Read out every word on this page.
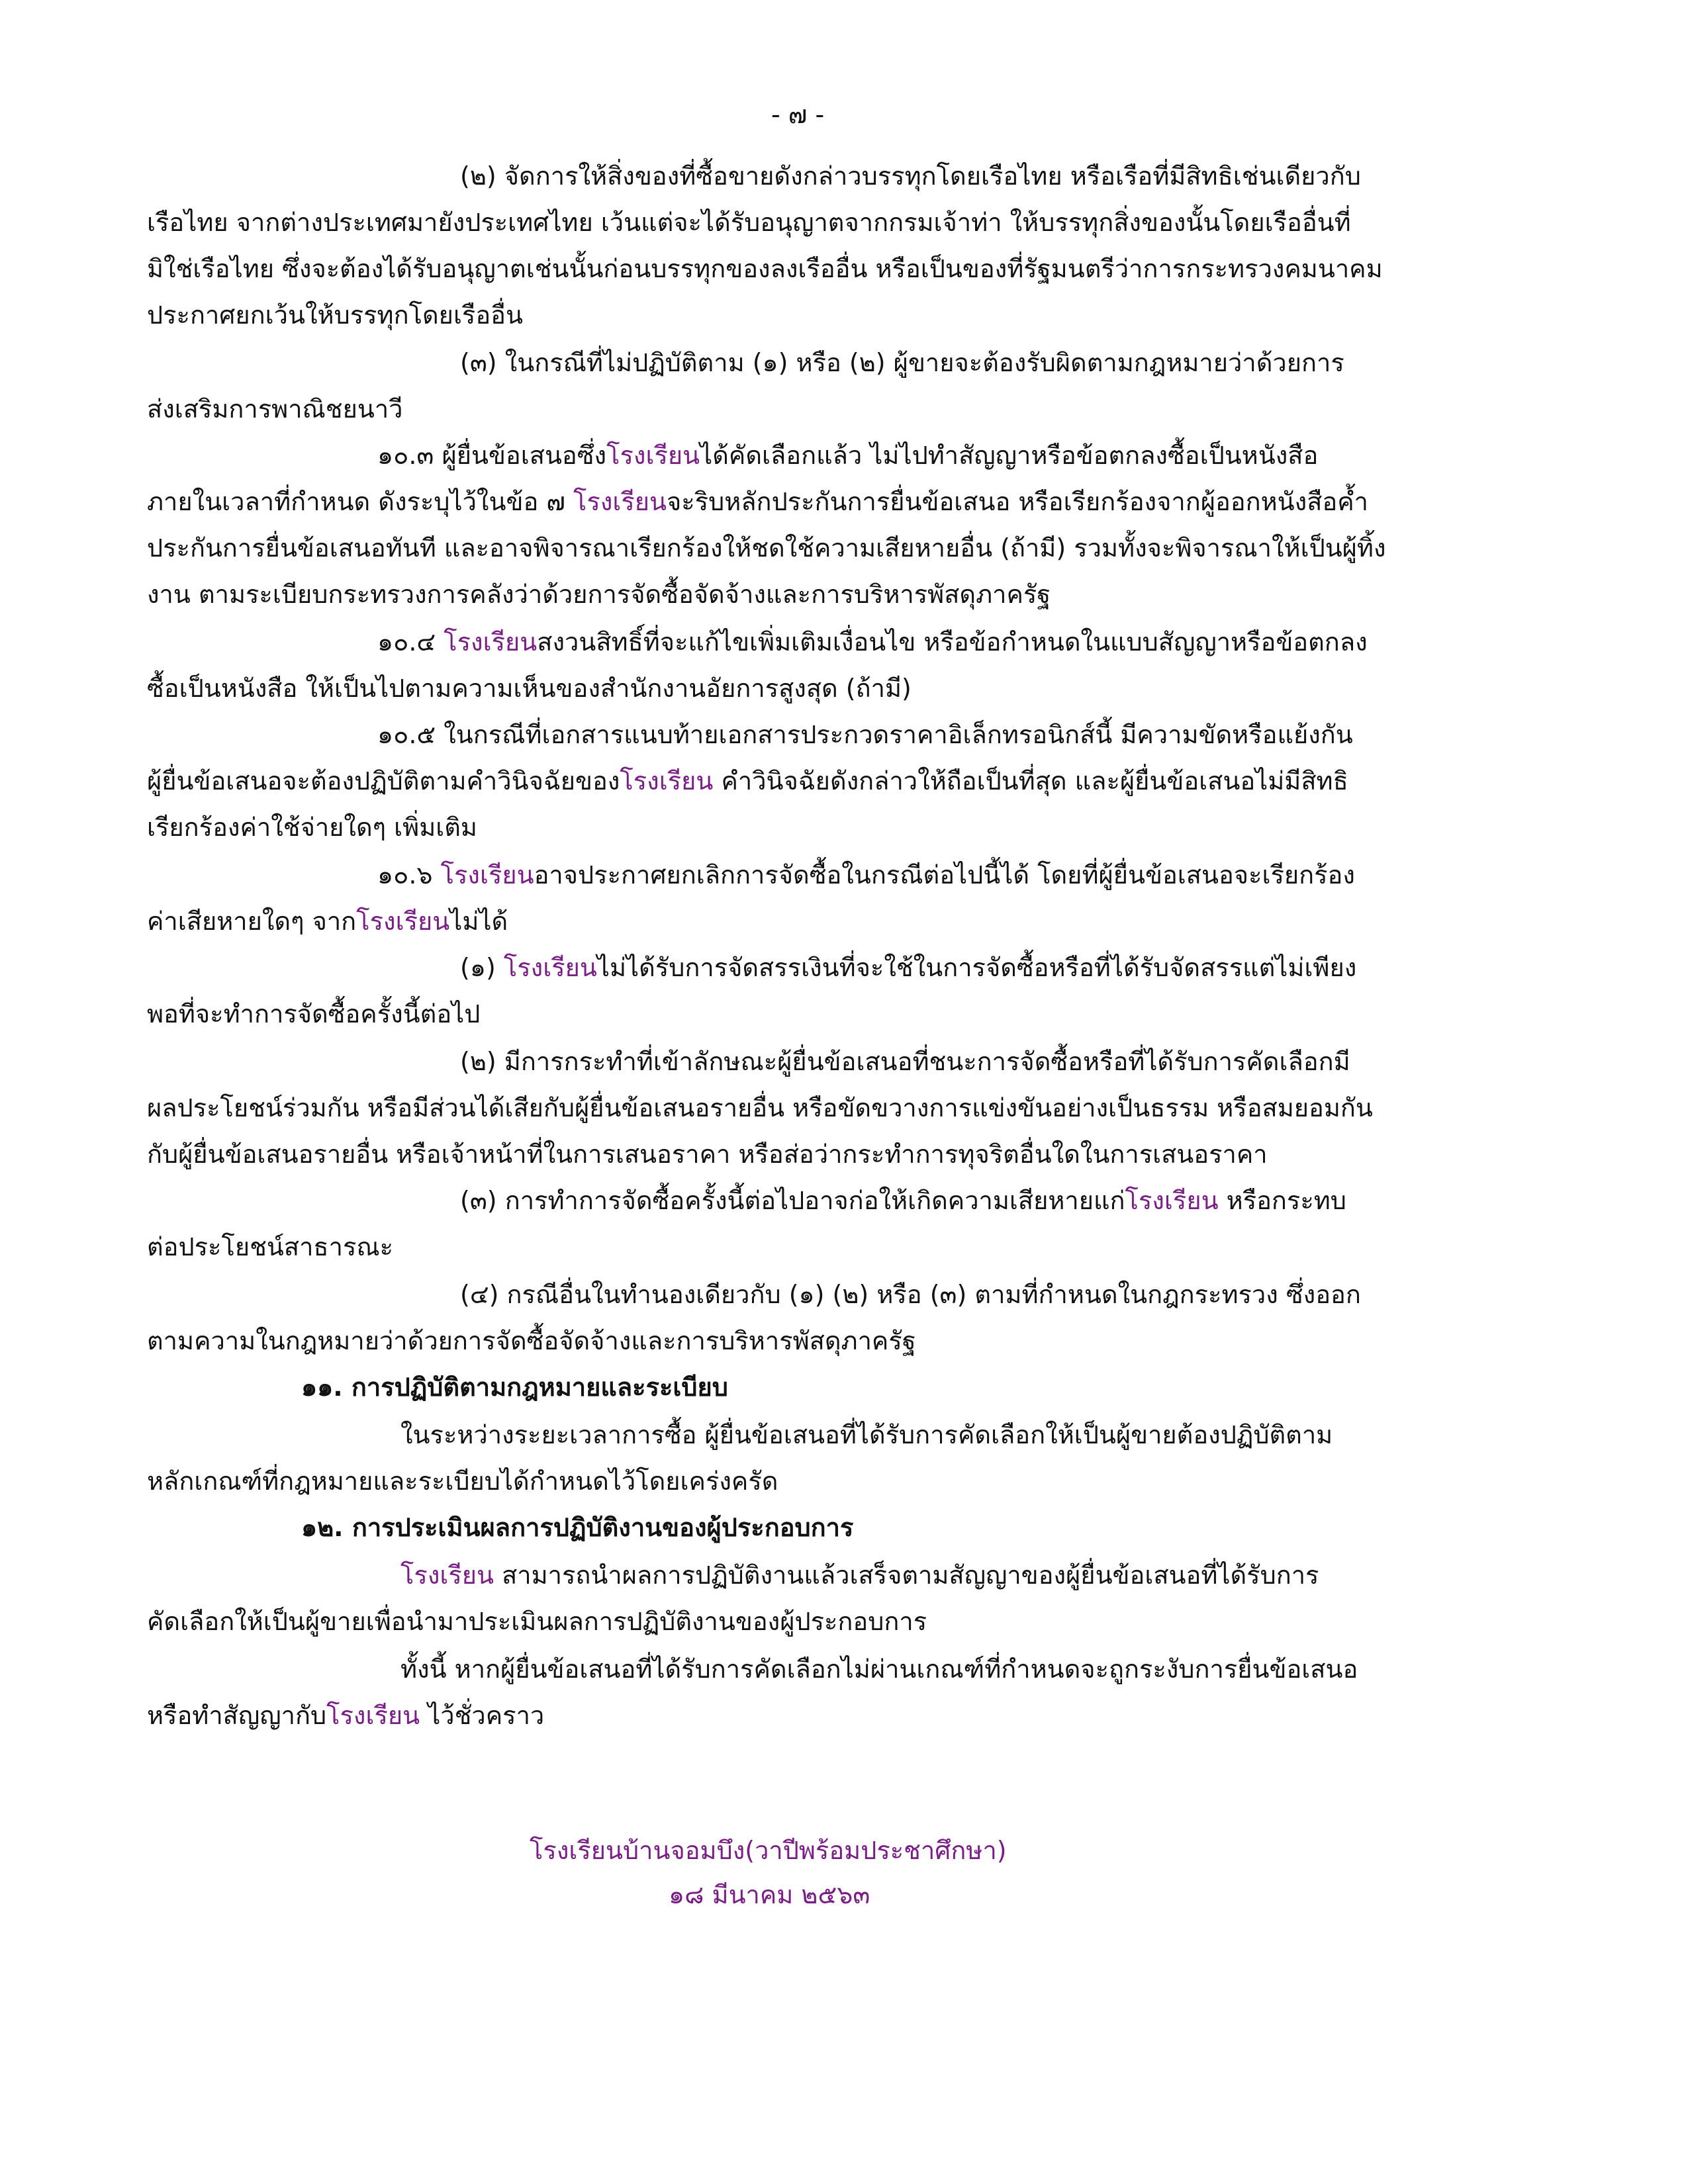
(๒) จัดการให้สิ่งของที่ซื้อขายดังกล่าวบรรทุกโดยเรือไทย หรือเรือที่มีสิทธิเช่นเดียวกับ
เรือไทย จากต่างประเทศมายังประเทศไทย เว้นแต่จะได้รับอนุญาตจากกรมเจ้าท่า ให้บรรทุกสิ่งของนั้นโดยเรืออื่นที่
มิใช่เรือไทย ซึ่งจะต้องได้รับอนุญาตเช่นนั้นก่อนบรรทุกของลงเรืออื่น หรือเป็นของที่รัฐมนตรีว่าการกระทรวงคมนาคม
ประกาศยกเว้นให้บรรทุกโดยเรืออื่น
(๓) ในกรณีที่ไม่ปฏิบัติตาม (๑) หรือ (๒) ผู้ขายจะต้องรับผิดตามกฎหมายว่าด้วยการ
ส่งเสริมการพาณิชยนาวี
๑๐.๓ ผู้ยื่นข้อเสนอซึ่งโรงเรียนได้คัดเลือกแล้ว ไม่ไปทำสัญญาหรือข้อตกลงซื้อเป็นหนังสือ
ภายในเวลาที่กำหนด ดังระบุไว้ในข้อ ๗ โรงเรียนจะริบหลักประกันการยื่นข้อเสนอ หรือเรียกร้องจากผู้ออกหนังสือค้ำ
ประกันการยื่นข้อเสนอทันที และอาจพิจารณาเรียกร้องให้ชดใช้ความเสียหายอื่น (ถ้ามี) รวมทั้งจะพิจารณาให้เป็นผู้ทิ้ง
งาน ตามระเบียบกระทรวงการคลังว่าด้วยการจัดซื้อจัดจ้างและการบริหารพัสดุภาครัฐ
๑๐.๔ โรงเรียนสงวนสิทธิ์ที่จะแก้ไขเพิ่มเติมเงื่อนไข หรือข้อกำหนดในแบบสัญญาหรือข้อตกลง
ซื้อเป็นหนังสือ ให้เป็นไปตามความเห็นของสำนักงานอัยการสูงสุด (ถ้ามี)
๑๐.๕ ในกรณีที่เอกสารแนบท้ายเอกสารประกวดราคาอิเล็กทรอนิกส์นี้ มีความขัดหรือแย้งกัน
ผู้ยื่นข้อเสนอจะต้องปฏิบัติตามคำวินิจฉัยของโรงเรียน คำวินิจฉัยดังกล่าวให้ถือเป็นที่สุด และผู้ยื่นข้อเสนอไม่มีสิทธิ
เรียกร้องค่าใช้จ่ายใดๆ เพิ่มเติม
๑๐.๖ โรงเรียนอาจประกาศยกเลิกการจัดซื้อในกรณีต่อไปนี้ได้ โดยที่ผู้ยื่นข้อเสนอจะเรียกร้อง
ค่าเสียหายใดๆ จากโรงเรียนไม่ได้
(๑) โรงเรียนไม่ได้รับการจัดสรรเงินที่จะใช้ในการจัดซื้อหรือที่ได้รับจัดสรรแต่ไม่เพียง
พอที่จะทำการจัดซื้อครั้งนี้ต่อไป
(๒) มีการกระทำที่เข้าลักษณะผู้ยื่นข้อเสนอที่ชนะการจัดซื้อหรือที่ได้รับการคัดเลือกมี
ผลประโยชน์ร่วมกัน หรือมีส่วนได้เสียกับผู้ยื่นข้อเสนอรายอื่น หรือขัดขวางการแข่งขันอย่างเป็นธรรม หรือสมยอมกัน
กับผู้ยื่นข้อเสนอรายอื่น หรือเจ้าหน้าที่ในการเสนอราคา หรือส่อว่ากระทำการทุจริตอื่นใดในการเสนอราคา
(๓) การทำการจัดซื้อครั้งนี้ต่อไปอาจก่อให้เกิดความเสียหายแก่โรงเรียน หรือกระทบ
ต่อประโยชน์สาธารณะ
(๔) กรณีอื่นในทำนองเดียวกับ (๑) (๒) หรือ (๓) ตามที่กำหนดในกฎกระทรวง ซึ่งออก
ตามความในกฎหมายว่าด้วยการจัดซื้อจัดจ้างและการบริหารพัสดุภาครัฐ
๑๑. การปฏิบัติตามกฎหมายและระเบียบ
ในระหว่างระยะเวลาการซื้อ ผู้ยื่นข้อเสนอที่ได้รับการคัดเลือกให้เป็นผู้ขายต้องปฏิบัติตาม
หลักเกณฑ์ที่กฎหมายและระเบียบได้กำหนดไว้โดยเคร่งครัด
๑๒. การประเมินผลการปฏิบัติงานของผู้ประกอบการ
โรงเรียน สามารถนำผลการปฏิบัติงานแล้วเสร็จตามสัญญาของผู้ยื่นข้อเสนอที่ได้รับการ
คัดเลือกให้เป็นผู้ขายเพื่อนำมาประเมินผลการปฏิบัติงานของผู้ประกอบการ
ทั้งนี้ หากผู้ยื่นข้อเสนอที่ได้รับการคัดเลือกไม่ผ่านเกณฑ์ที่กำหนดจะถูกระงับการยื่นข้อเสนอ
หรือทำสัญญากับโรงเรียน ไว้ชั่วคราว
- ๗ -
โรงเรียนบ้านจอมบึง(วาปีพร้อมประชาศึกษา)
๑๘ มีนาคม ๒๕๖๓
